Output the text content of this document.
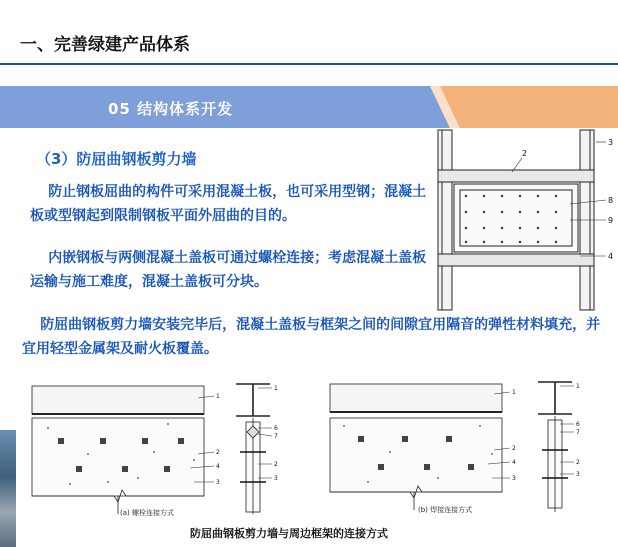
一、完善绿建产品体系
05 结构体系开发
（3）防屈曲钢板剪力墙
防止钢板屈曲的构件可采用混凝土板，也可采用型钢；混凝土板或型钢起到限制钢板平面外屈曲的目的。
内嵌钢板与两侧混凝土盖板可通过螺栓连接；考虑混凝土盖板运输与施工难度，混凝土盖板可分块。
防屈曲钢板剪力墙安装完毕后，混凝土盖板与框架之间的间隙宜用隔音的弹性材料填充，并宜用轻型金属架及耐火板覆盖。
2
3
8
9
4
1
2
4
3
1
6
7
2
3
1
2
4
3
1
6
7
2
3
(a) 螺栓连接方式	(b) 焊接连接方式
防屈曲钢板剪力墙与周边框架的连接方式
